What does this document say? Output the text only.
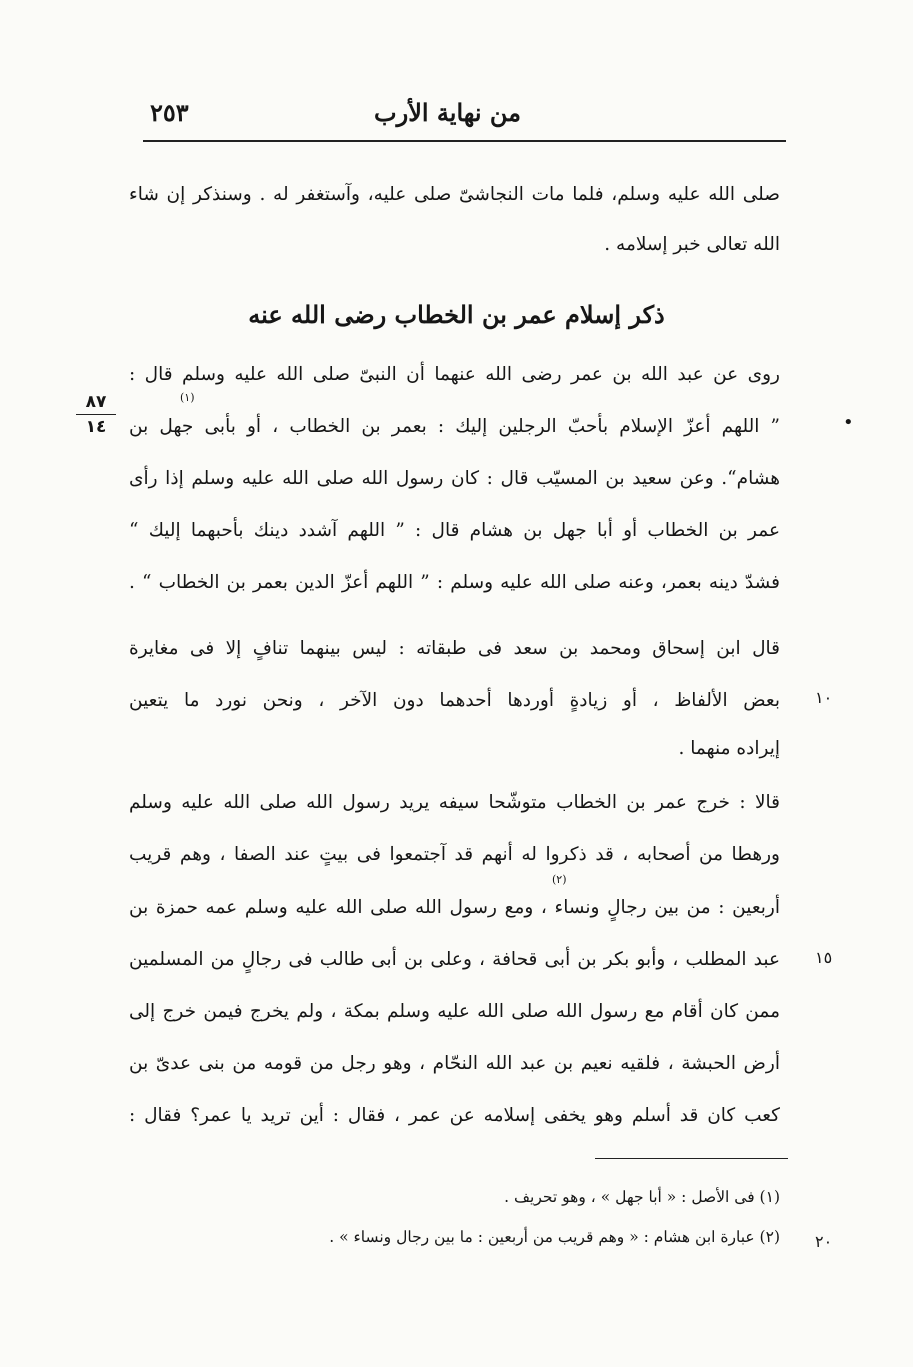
من نهاية الأرب
٢٥٣
صلى الله عليه وسلم، فلما مات النجاشىّ صلى عليه، وآستغفر له . وسنذكر إن شاء
الله تعالى خبر إسلامه .
ذكر إسلام عمر بن الخطاب رضى الله عنه
روى عن عبد الله بن عمر رضى الله عنهما أن النبىّ صلى الله عليه وسلم قال :
(١)
” اللهم أعزّ الإسلام بأحبّ الرجلين إليك : بعمر بن الخطاب ، أو بأبى جهل بن
هشام“. وعن سعيد بن المسيّب قال : كان رسول الله صلى الله عليه وسلم إذا رأى
عمر بن الخطاب أو أبا جهل بن هشام قال : ” اللهم آشدد دينك بأحبهما إليك “
فشدّ دينه بعمر، وعنه صلى الله عليه وسلم : ” اللهم أعزّ الدين بعمر بن الخطاب “ .
قال ابن إسحاق ومحمد بن سعد فى طبقاته : ليس بينهما تنافٍ إلا فى مغايرة
بعض الألفاظ ، أو زيادةٍ أوردها أحدهما دون الآخر ، ونحن نورد ما يتعين
إيراده منهما .
قالا : خرج عمر بن الخطاب متوشّحا سيفه يريد رسول الله صلى الله عليه وسلم
ورهطا من أصحابه ، قد ذكروا له أنهم قد آجتمعوا فى بيتٍ عند الصفا ، وهم قريب
(٢)
أربعين : من بين رجالٍ ونساء ، ومع رسول الله صلى الله عليه وسلم عمه حمزة بن
عبد المطلب ، وأبو بكر بن أبى قحافة ، وعلى بن أبى طالب فى رجالٍ من المسلمين
ممن كان أقام مع رسول الله صلى الله عليه وسلم بمكة ، ولم يخرج فيمن خرج إلى
أرض الحبشة ، فلقيه نعيم بن عبد الله النحّام ، وهو رجل من قومه من بنى عدىّ بن
كعب كان قد أسلم وهو يخفى إسلامه عن عمر ، فقال : أين تريد يا عمر؟ فقال :
٨٧
١٤	•
١٠
١٥
٢٠
(١) فى الأصل : « أبا جهل » ، وهو تحريف .
(٢) عبارة ابن هشام : « وهم قريب من أربعين : ما بين رجال ونساء » .
